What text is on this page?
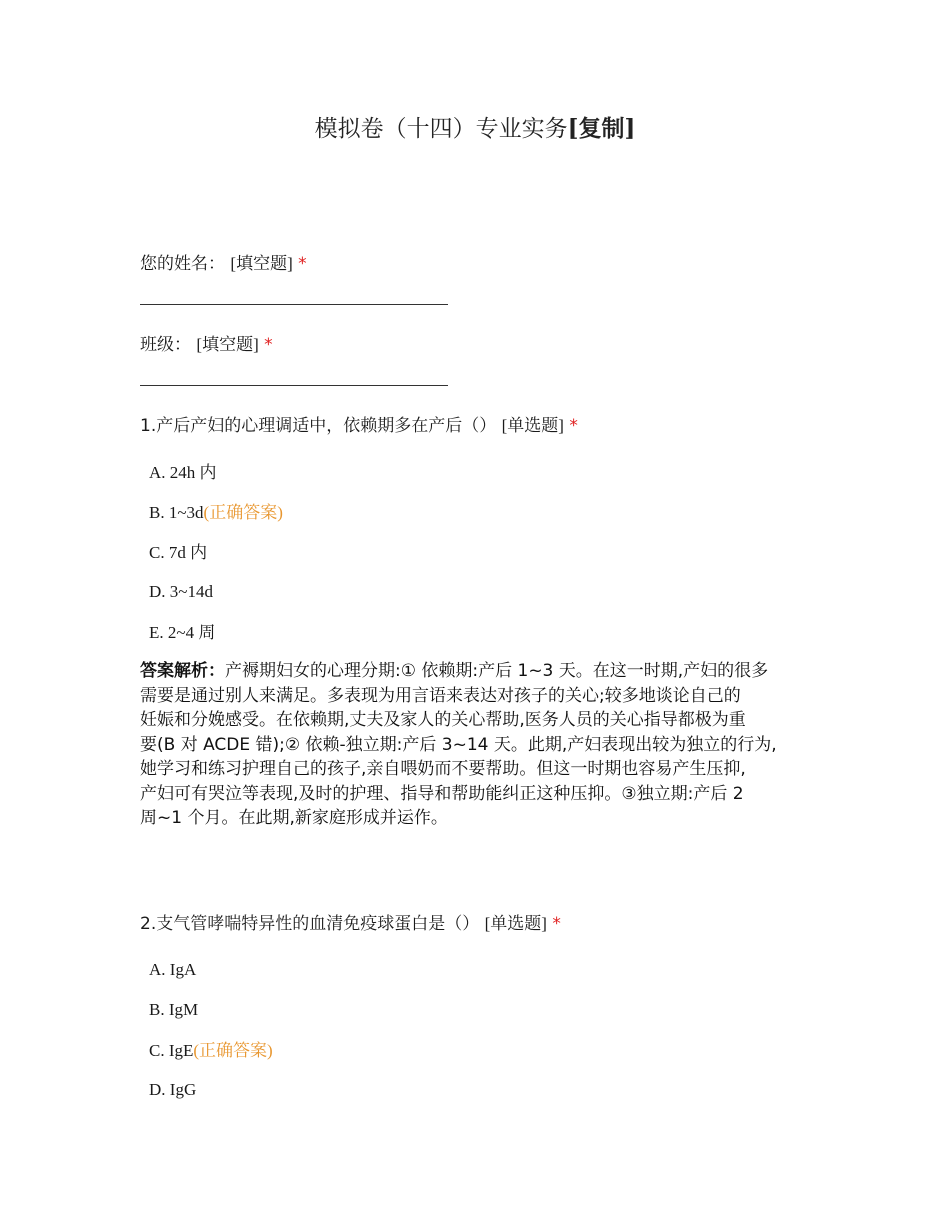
模拟卷（十四）专业实务[复制]
您的姓名： [填空题] *
班级： [填空题] *
1.产后产妇的心理调适中，依赖期多在产后（） [单选题] *
A. 24h 内
B. 1~3d(正确答案)
C. 7d 内
D. 3~14d
E. 2~4 周
答案解析：产褥期妇女的心理分期:① 依赖期:产后 1~3 天。在这一时期,产妇的很多
需要是通过别人来满足。多表现为用言语来表达对孩子的关心;较多地谈论自己的
妊娠和分娩感受。在依赖期,丈夫及家人的关心帮助,医务人员的关心指导都极为重
要(B 对 ACDE 错);② 依赖-独立期:产后 3~14 天。此期,产妇表现出较为独立的行为,
她学习和练习护理自己的孩子,亲自喂奶而不要帮助。但这一时期也容易产生压抑,
产妇可有哭泣等表现,及时的护理、指导和帮助能纠正这种压抑。③独立期:产后 2
周~1 个月。在此期,新家庭形成并运作。
2.支气管哮喘特异性的血清免疫球蛋白是（） [单选题] *
A. IgA
B. IgM
C. IgE(正确答案)
D. IgG
